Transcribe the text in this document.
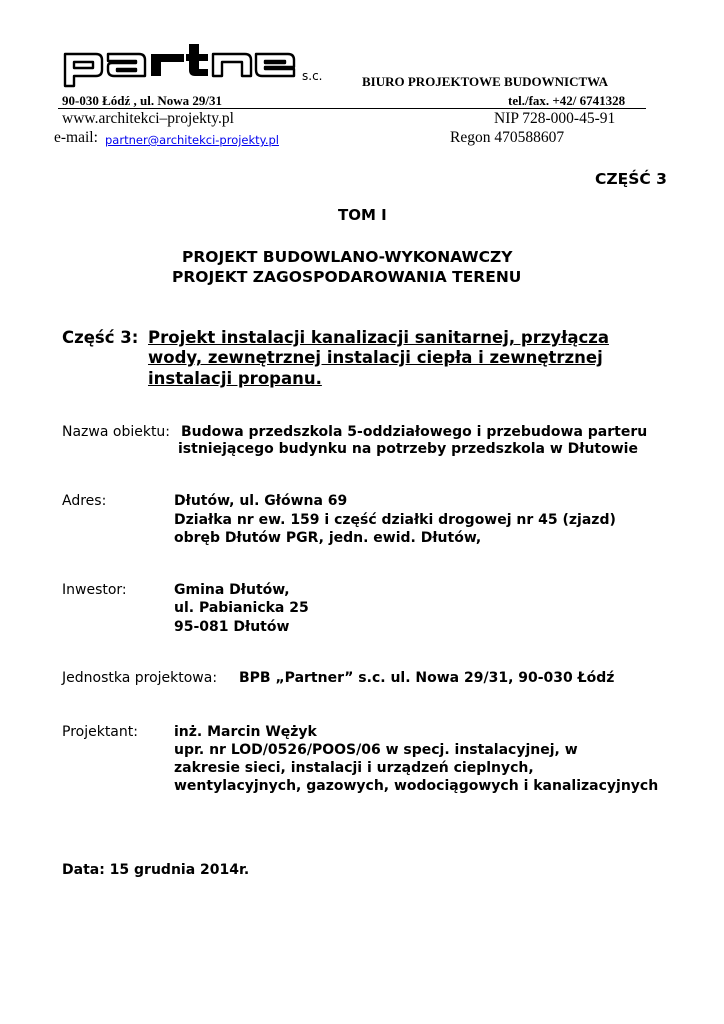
s.c.	BIURO PROJEKTOWE BUDOWNICTWA
90-030 Łódź , ul. Nowa 29/31	tel./fax. +42/ 6741328
www.architekci–projekty.pl	NIP 728-000-45-91
e-mail: partner@architekci-projekty.pl	Regon 470588607
CZĘŚĆ 3
TOM I
PROJEKT BUDOWLANO-WYKONAWCZY
PROJEKT ZAGOSPODAROWANIA TERENU
Część 3: Projekt instalacji kanalizacji sanitarnej, przyłącza
wody, zewnętrznej instalacji ciepła i zewnętrznej
instalacji propanu.
Nazwa obiektu: Budowa przedszkola 5-oddziałowego i przebudowa parteru
istniejącego budynku na potrzeby przedszkola w Dłutowie
Adres:	Dłutów, ul. Główna 69
Działka nr ew. 159 i część działki drogowej nr 45 (zjazd)
obręb Dłutów PGR, jedn. ewid. Dłutów,
Inwestor:	Gmina Dłutów,
ul. Pabianicka 25
95-081 Dłutów
Jednostka projektowa: BPB „Partner” s.c. ul. Nowa 29/31, 90-030 Łódź
Projektant:	inż. Marcin Wężyk
upr. nr LOD/0526/POOS/06 w specj. instalacyjnej, w
zakresie sieci, instalacji i urządzeń cieplnych,
wentylacyjnych, gazowych, wodociągowych i kanalizacyjnych
Data: 15 grudnia 2014r.
